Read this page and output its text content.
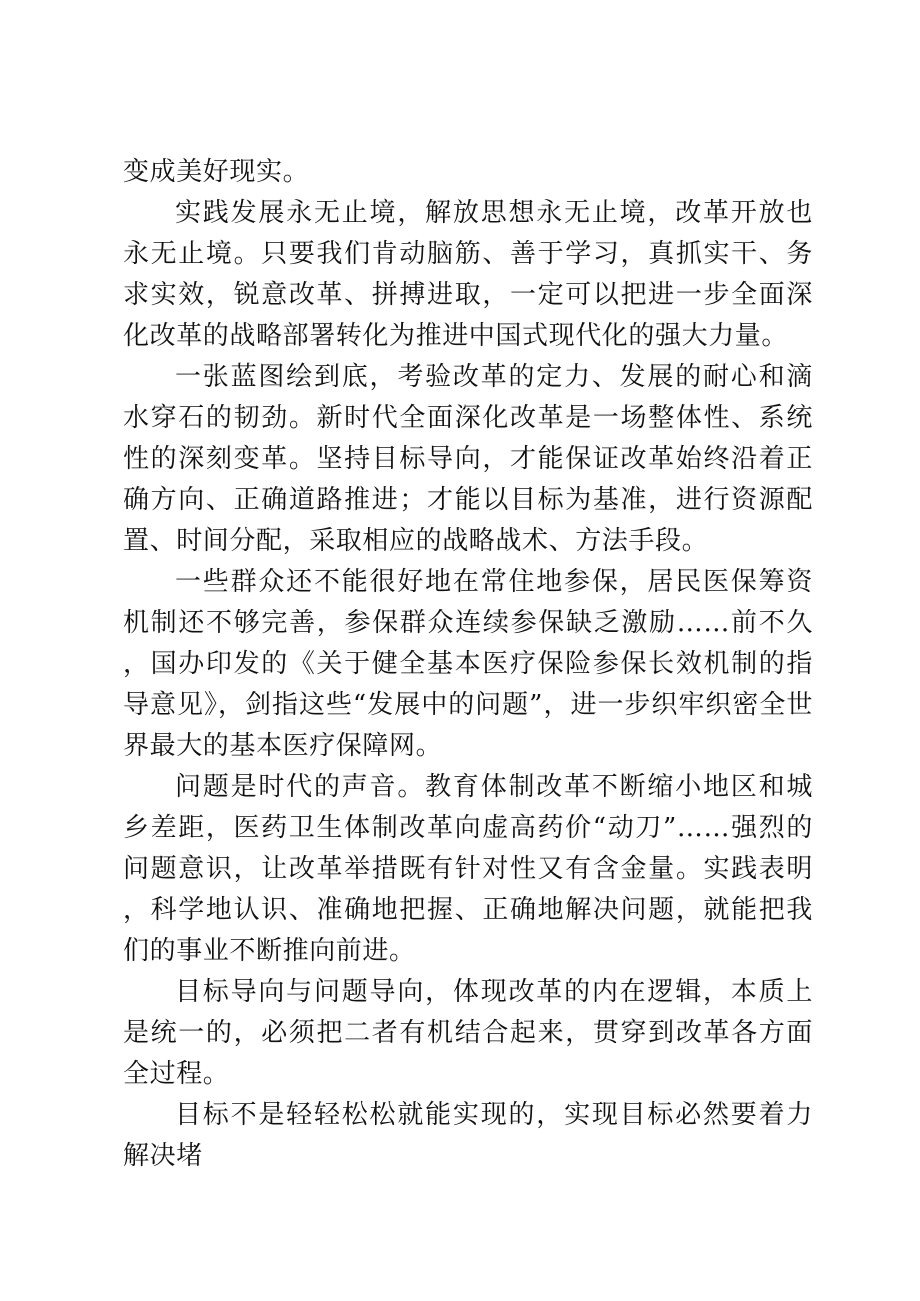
变成美好现实。

实践发展永无止境，解放思想永无止境，改革开放也永无止境。只要我们肯动脑筋、善于学习，真抓实干、务求实效，锐意改革、拼搏进取，一定可以把进一步全面深化改革的战略部署转化为推进中国式现代化的强大力量。

一张蓝图绘到底，考验改革的定力、发展的耐心和滴水穿石的韧劲。新时代全面深化改革是一场整体性、系统性的深刻变革。坚持目标导向，才能保证改革始终沿着正确方向、正确道路推进；才能以目标为基准，进行资源配置、时间分配，采取相应的战略战术、方法手段。

一些群众还不能很好地在常住地参保，居民医保筹资机制还不够完善，参保群众连续参保缺乏激励……前不久，国办印发的《关于健全基本医疗保险参保长效机制的指导意见》，剑指这些“发展中的问题”，进一步织牢织密全世界最大的基本医疗保障网。

问题是时代的声音。教育体制改革不断缩小地区和城乡差距，医药卫生体制改革向虚高药价“动刀”……强烈的问题意识，让改革举措既有针对性又有含金量。实践表明，科学地认识、准确地把握、正确地解决问题，就能把我们的事业不断推向前进。

目标导向与问题导向，体现改革的内在逻辑，本质上是统一的，必须把二者有机结合起来，贯穿到改革各方面全过程。

目标不是轻轻松松就能实现的，实现目标必然要着力解决堵
